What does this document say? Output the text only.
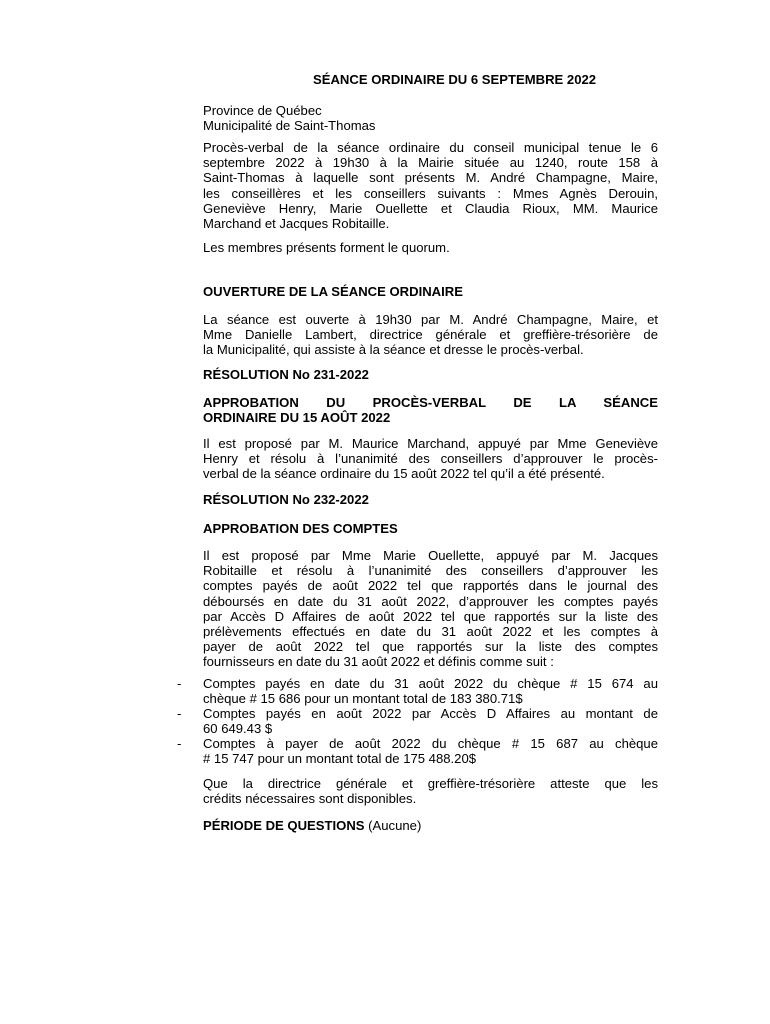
SÉANCE ORDINAIRE DU 6 SEPTEMBRE 2022
Province de Québec
Municipalité de Saint-Thomas
Procès-verbal de la séance ordinaire du conseil municipal tenue le 6
septembre 2022 à 19h30 à la Mairie située au 1240, route 158 à
Saint-Thomas à laquelle sont présents M. André Champagne, Maire,
les conseillères et les conseillers suivants : Mmes Agnès Derouin,
Geneviève Henry, Marie Ouellette et Claudia Rioux, MM. Maurice
Marchand et Jacques Robitaille.
Les membres présents forment le quorum.
OUVERTURE DE LA SÉANCE ORDINAIRE
La séance est ouverte à 19h30 par M. André Champagne, Maire, et
Mme Danielle Lambert, directrice générale et greffière-trésorière de
la Municipalité, qui assiste à la séance et dresse le procès-verbal.
RÉSOLUTION No 231-2022
APPROBATION DU PROCÈS-VERBAL DE LA SÉANCE
ORDINAIRE DU 15 AOÛT 2022
Il est proposé par M. Maurice Marchand, appuyé par Mme Geneviève
Henry et résolu à l’unanimité des conseillers d’approuver le procès-
verbal de la séance ordinaire du 15 août 2022 tel qu’il a été présenté.
RÉSOLUTION No 232-2022
APPROBATION DES COMPTES
Il est proposé par Mme Marie Ouellette, appuyé par M. Jacques
Robitaille et résolu à l’unanimité des conseillers d’approuver les
comptes payés de août 2022 tel que rapportés dans le journal des
déboursés en date du 31 août 2022, d’approuver les comptes payés
par Accès D Affaires de août 2022 tel que rapportés sur la liste des
prélèvements effectués en date du 31 août 2022 et les comptes à
payer de août 2022 tel que rapportés sur la liste des comptes
fournisseurs en date du 31 août 2022 et définis comme suit :
- Comptes payés en date du 31 août 2022 du chèque # 15 674 au
chèque # 15 686 pour un montant total de 183 380.71$
- Comptes payés en août 2022 par Accès D Affaires au montant de
60 649.43 $
- Comptes à payer de août 2022 du chèque # 15 687 au chèque
# 15 747 pour un montant total de 175 488.20$
Que la directrice générale et greffière-trésorière atteste que les
crédits nécessaires sont disponibles.
PÉRIODE DE QUESTIONS (Aucune)
